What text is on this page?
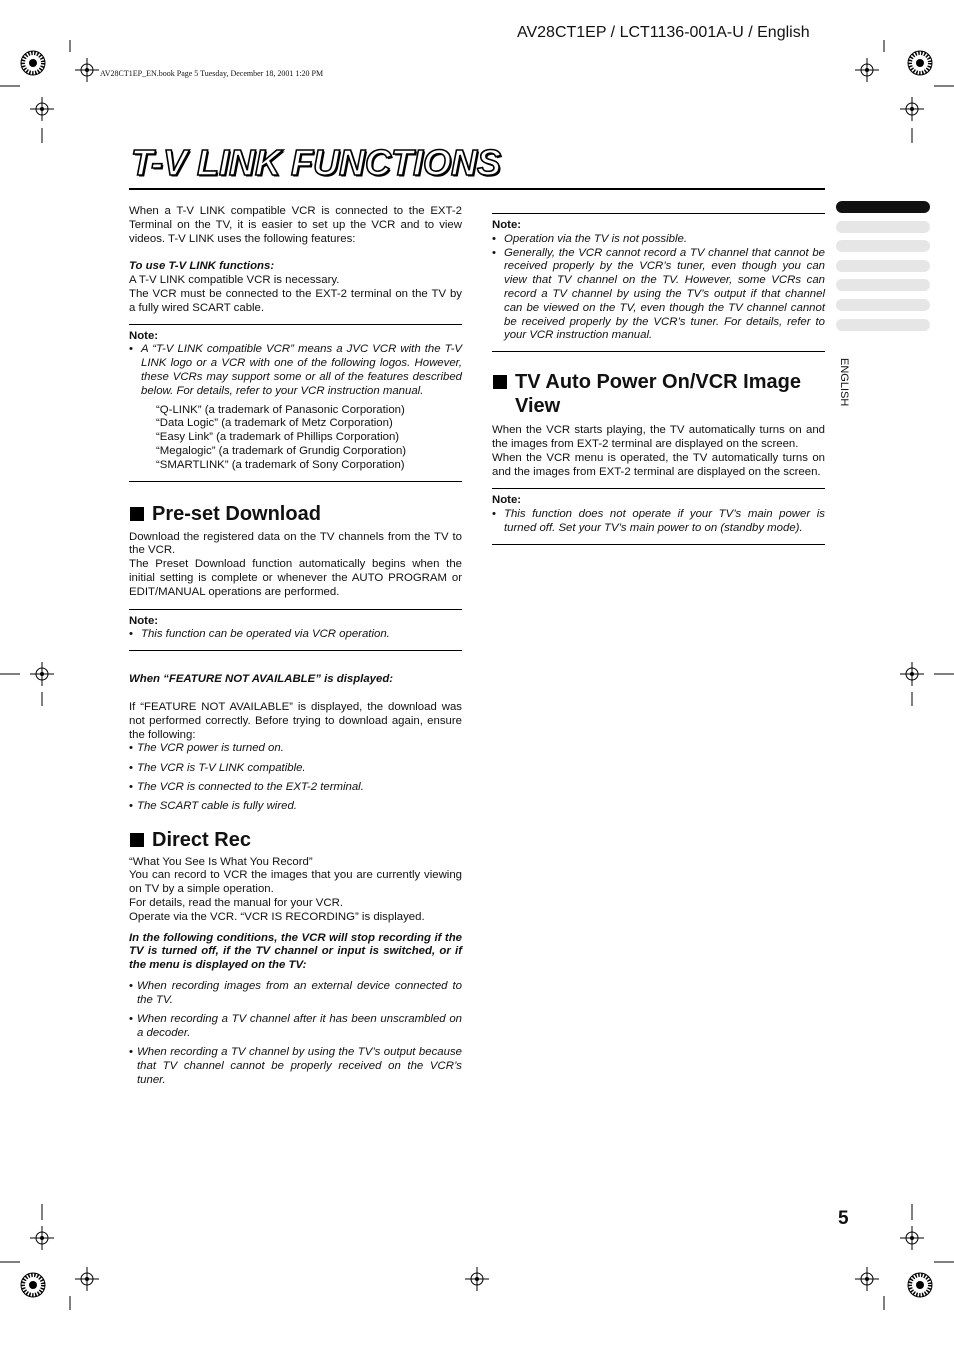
AV28CT1EP / LCT1136-001A-U / English
AV28CT1EP_EN.book Page 5 Tuesday, December 18, 2001 1:20 PM
T-V LINK FUNCTIONS
ENGLISH

When a T-V LINK compatible VCR is connected to the EXT-2 Terminal on the TV, it is easier to set up the VCR and to view videos. T-V LINK uses the following features:

To use T-V LINK functions:

A T-V LINK compatible VCR is necessary.

The VCR must be connected to the EXT-2 terminal on the TV by a fully wired SCART cable.

Note:
• A “T-V LINK compatible VCR” means a JVC VCR with the T-V LINK logo or a VCR with one of the following logos. However, these VCRs may support some or all of the features described below. For details, refer to your VCR instruction manual.
“Q-LINK” (a trademark of Panasonic Corporation)
“Data Logic” (a trademark of Metz Corporation)
“Easy Link” (a trademark of Phillips Corporation)
“Megalogic” (a trademark of Grundig Corporation)
“SMARTLINK” (a trademark of Sony Corporation)
Pre-set Download

Download the registered data on the TV channels from the TV to the VCR.

The Preset Download function automatically begins when the initial setting is complete or whenever the AUTO PROGRAM or EDIT/MANUAL operations are performed.

Note:
• This function can be operated via VCR operation.

When “FEATURE NOT AVAILABLE” is displayed:

If “FEATURE NOT AVAILABLE” is displayed, the download was not performed correctly. Before trying to download again, ensure the following:

• The VCR power is turned on.
• The VCR is T-V LINK compatible.
• The VCR is connected to the EXT-2 terminal.
• The SCART cable is fully wired.
Direct Rec

“What You See Is What You Record”

You can record to VCR the images that you are currently viewing on TV by a simple operation.

For details, read the manual for your VCR.

Operate via the VCR. “VCR IS RECORDING” is displayed.

In the following conditions, the VCR will stop recording if the TV is turned off, if the TV channel or input is switched, or if the menu is displayed on the TV:

• When recording images from an external device connected to the TV.
• When recording a TV channel after it has been unscrambled on a decoder.
• When recording a TV channel by using the TV’s output because that TV channel cannot be properly received on the VCR’s tuner.
Note:
• Operation via the TV is not possible.
• Generally, the VCR cannot record a TV channel that cannot be received properly by the VCR’s tuner, even though you can view that TV channel on the TV. However, some VCRs can record a TV channel by using the TV’s output if that channel can be viewed on the TV, even though the TV channel cannot be received properly by the VCR’s tuner. For details, refer to your VCR instruction manual.
TV Auto Power On/VCR Image View

When the VCR starts playing, the TV automatically turns on and the images from EXT-2 terminal are displayed on the screen.

When the VCR menu is operated, the TV automatically turns on and the images from EXT-2 terminal are displayed on the screen.

Note:
• This function does not operate if your TV’s main power is turned off. Set your TV’s main power to on (standby mode).
5
